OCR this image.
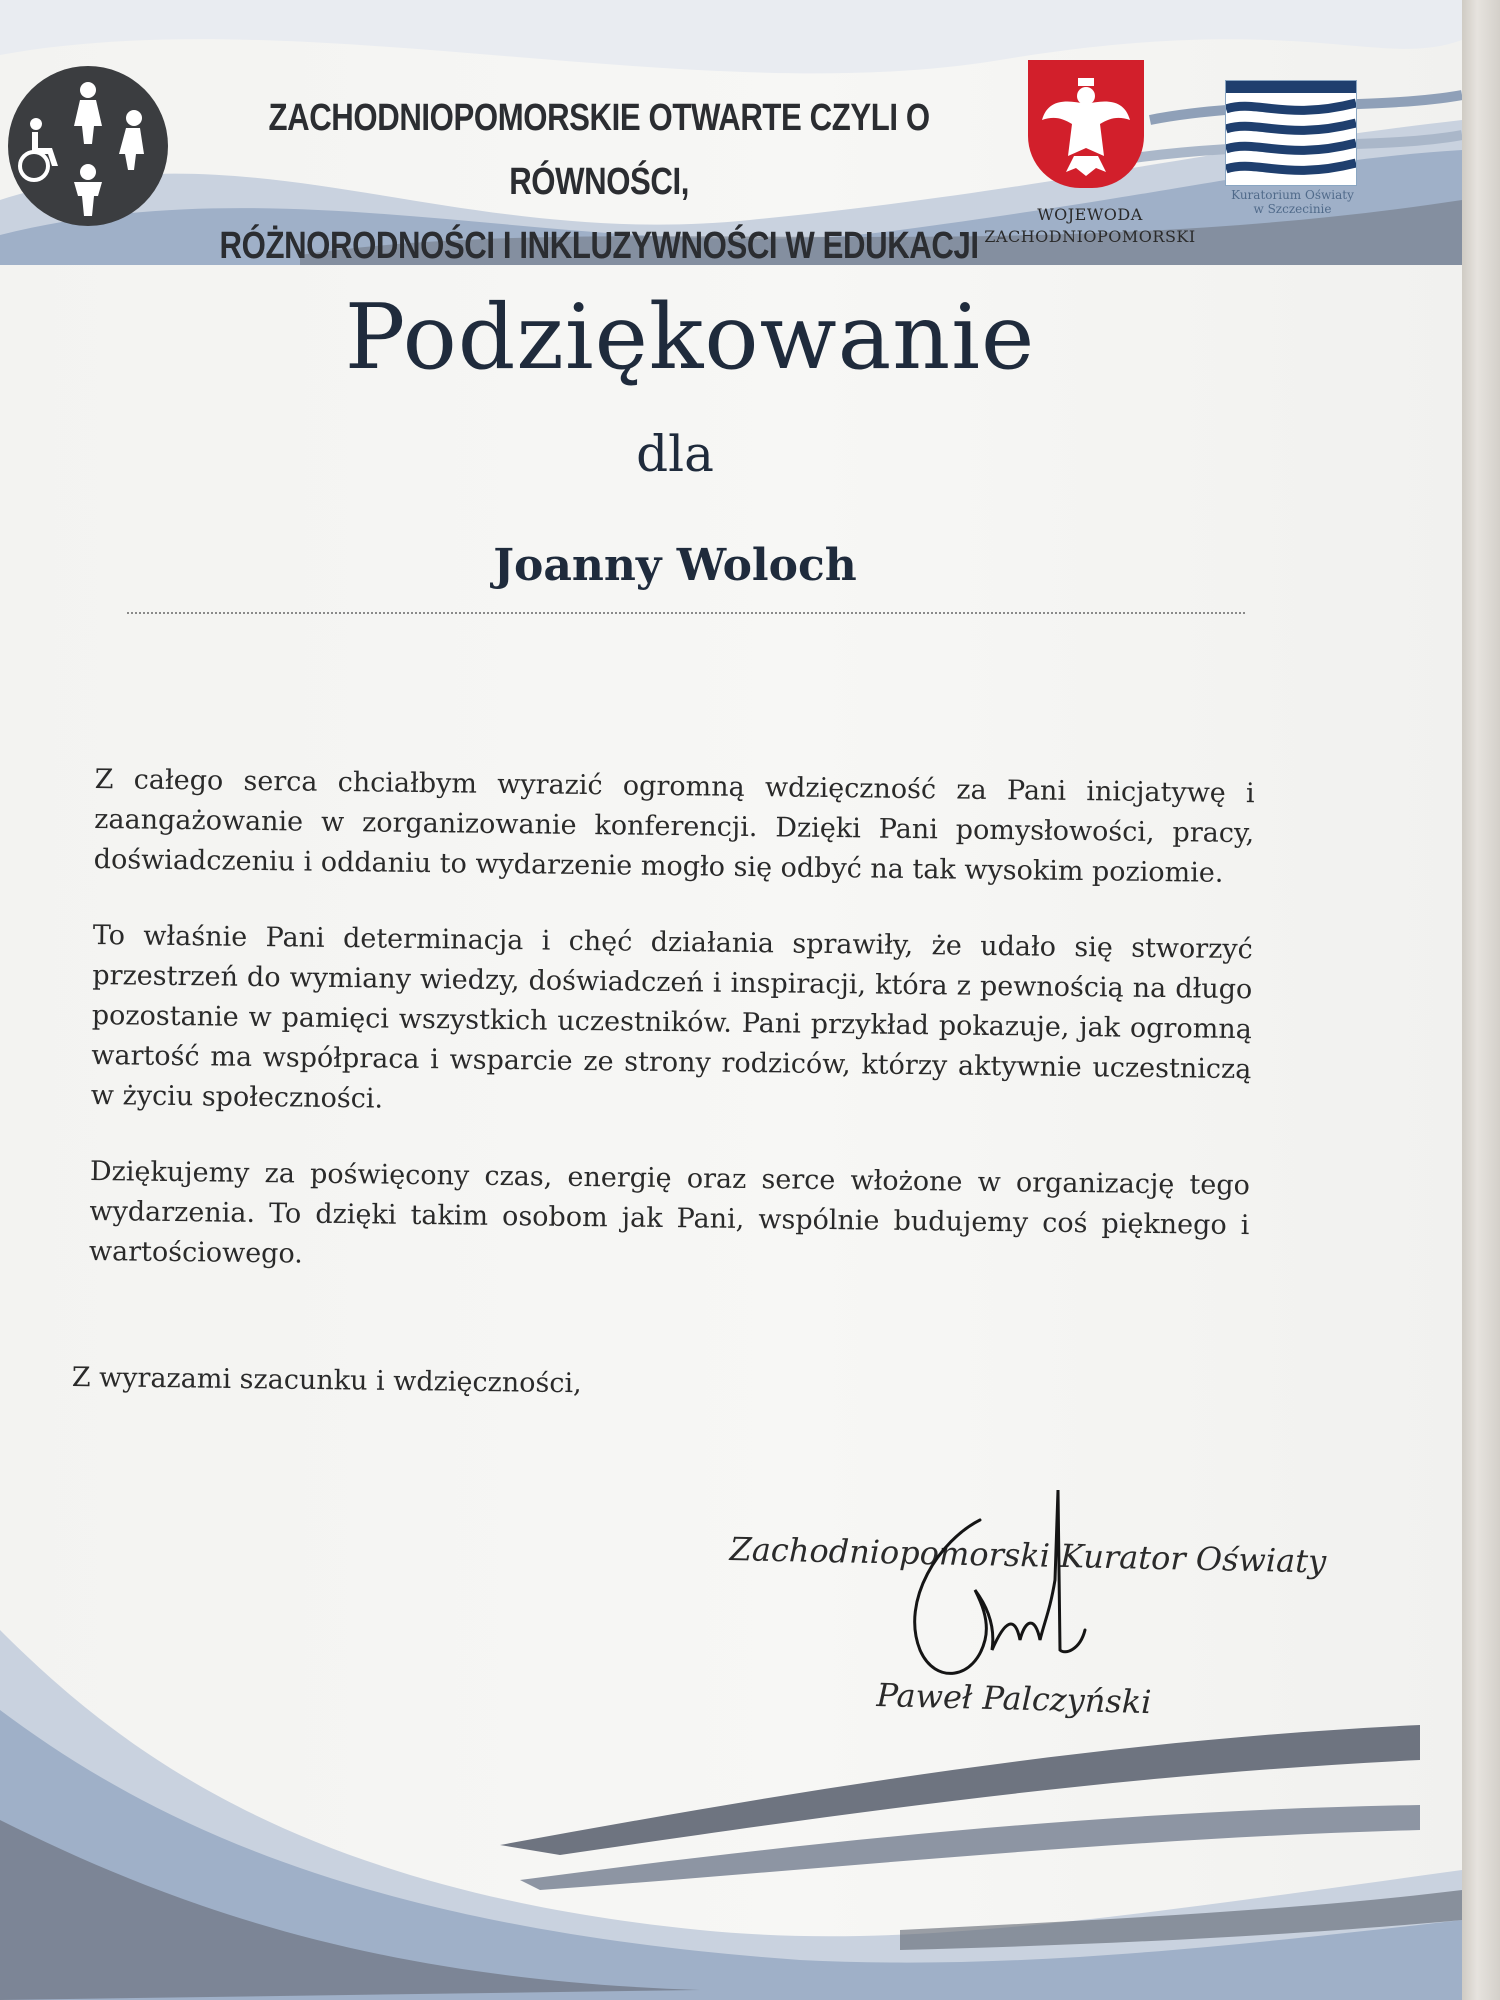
ZACHODNIOPOMORSKIE OTWARTE CZYLI O RÓWNOŚCI,
RÓŻNORODNOŚCI I INKLUZYWNOŚCI W EDUKACJI
WOJEWODA
ZACHODNIOPOMORSKI
Kuratorium Oświaty
w Szczecinie
Podziękowanie
dla
Joanny Woloch

Z całego serca chciałbym wyrazić ogromną wdzięczność za Pani inicjatywę i zaangażowanie w zorganizowanie konferencji. Dzięki Pani pomysłowości, pracy, doświadczeniu i oddaniu to wydarzenie mogło się odbyć na tak wysokim poziomie.

To właśnie Pani determinacja i chęć działania sprawiły, że udało się stworzyć przestrzeń do wymiany wiedzy, doświadczeń i inspiracji, która z pewnością na długo pozostanie w pamięci wszystkich uczestników. Pani przykład pokazuje, jak ogromną wartość ma współpraca i wsparcie ze strony rodziców, którzy aktywnie uczestniczą w życiu społeczności.

Dziękujemy za poświęcony czas, energię oraz serce włożone w organizację tego wydarzenia. To dzięki takim osobom jak Pani, wspólnie budujemy coś pięknego i wartościowego.

Z wyrazami szacunku i wdzięczności,
Zachodniopomorski Kurator Oświaty
Paweł Palczyński
